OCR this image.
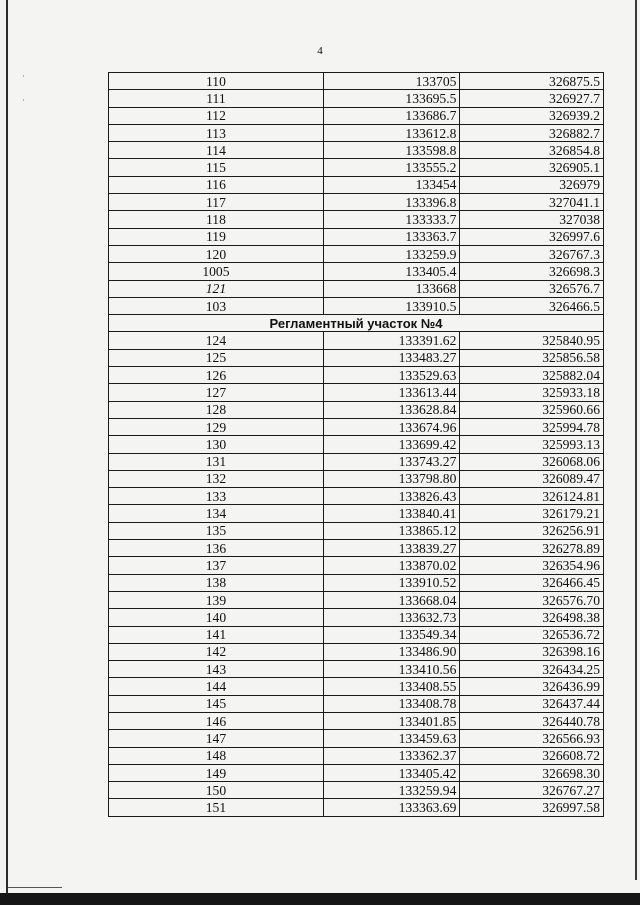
·

·
4
110	133705	326875.5
111	133695.5	326927.7
112	133686.7	326939.2
113	133612.8	326882.7
114	133598.8	326854.8
115	133555.2	326905.1
116	133454	326979
117	133396.8	327041.1
118	133333.7	327038
119	133363.7	326997.6
120	133259.9	326767.3
1005	133405.4	326698.3
121	133668	326576.7
103	133910.5	326466.5
Регламентный участок №4		
124	133391.62	325840.95
125	133483.27	325856.58
126	133529.63	325882.04
127	133613.44	325933.18
128	133628.84	325960.66
129	133674.96	325994.78
130	133699.42	325993.13
131	133743.27	326068.06
132	133798.80	326089.47
133	133826.43	326124.81
134	133840.41	326179.21
135	133865.12	326256.91
136	133839.27	326278.89
137	133870.02	326354.96
138	133910.52	326466.45
139	133668.04	326576.70
140	133632.73	326498.38
141	133549.34	326536.72
142	133486.90	326398.16
143	133410.56	326434.25
144	133408.55	326436.99
145	133408.78	326437.44
146	133401.85	326440.78
147	133459.63	326566.93
148	133362.37	326608.72
149	133405.42	326698.30
150	133259.94	326767.27
151	133363.69	326997.58
